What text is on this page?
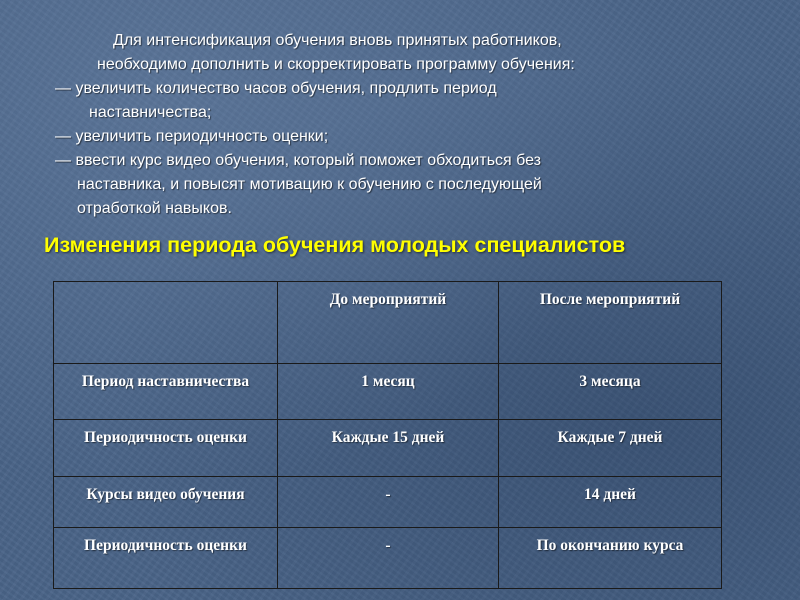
Для интенсификация обучения вновь принятых работников,
необходимо дополнить и скорректировать программу обучения:
— увеличить количество часов обучения, продлить период
наставничества;
— увеличить периодичность оценки;
— ввести курс видео обучения, который поможет обходиться без
наставника, и повысят мотивацию к обучению с последующей
отработкой навыков.
Изменения периода обучения молодых специалистов
	До мероприятий	После мероприятий
Период наставничества	1 месяц	3 месяца
Периодичность оценки	Каждые 15 дней	Каждые 7 дней
Курсы видео обучения	-	14 дней
Периодичность оценки	-	По окончанию курса
